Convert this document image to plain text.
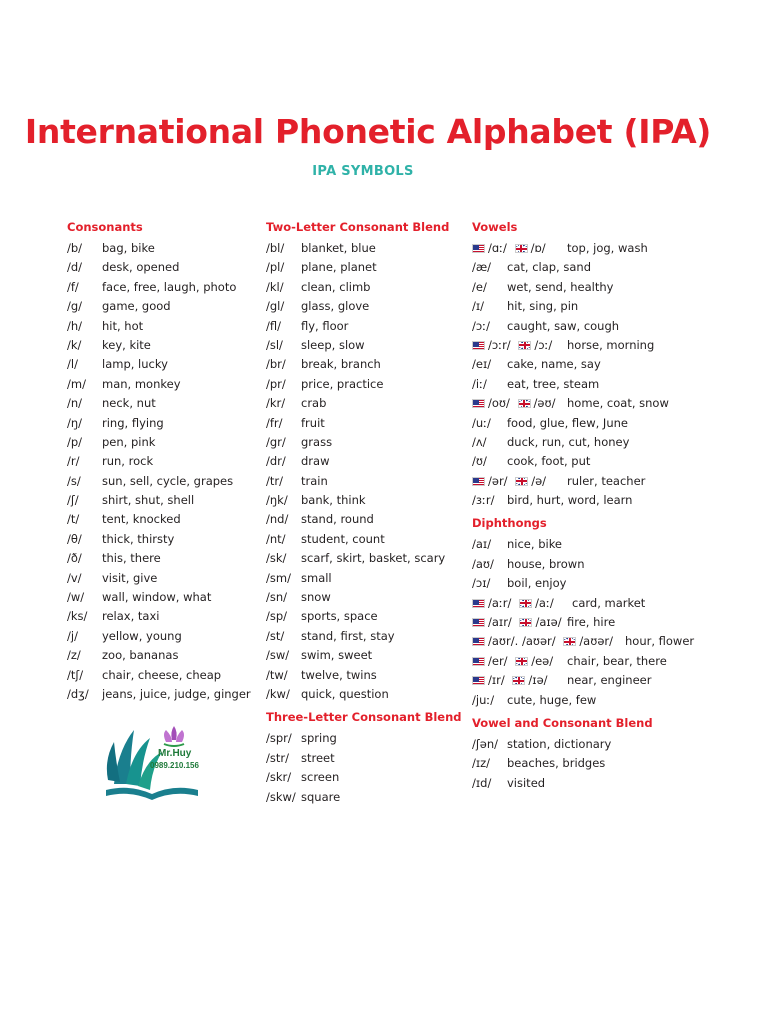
International Phonetic Alphabet (IPA)
IPA SYMBOLS
Consonants
/b/	bag, bike
/d/	desk, opened
/f/	face, free, laugh, photo
/g/	game, good
/h/	hit, hot
/k/	key, kite
/l/	lamp, lucky
/m/	man, monkey
/n/	neck, nut
/ŋ/	ring, flying
/p/	pen, pink
/r/	run, rock
/s/	sun, sell, cycle, grapes
/ʃ/	shirt, shut, shell
/t/	tent, knocked
/θ/	thick, thirsty
/ð/	this, there
/v/	visit, give
/w/	wall, window, what
/ks/	relax, taxi
/j/	yellow, young
/z/	zoo, bananas
/tʃ/	chair, cheese, cheap
/dʒ/	jeans, juice, judge, ginger
Two-Letter Consonant Blend
/bl/	blanket, blue
/pl/	plane, planet
/kl/	clean, climb
/gl/	glass, glove
/fl/	fly, floor
/sl/	sleep, slow
/br/	break, branch
/pr/	price, practice
/kr/	crab
/fr/	fruit
/gr/	grass
/dr/	draw
/tr/	train
/ŋk/	bank, think
/nd/	stand, round
/nt/	student, count
/sk/	scarf, skirt, basket, scary
/sm/ small
/sn/	snow
/sp/	sports, space
/st/	stand, first, stay
/sw/	swim, sweet
/tw/	twelve, twins
/kw/ quick, question
Three-Letter Consonant Blend
/spr/ spring
/str/	street
/skr/ screen
/skw/ square
Vowels
/ɑː/ /ɒ/	top, jog, wash
/æ/	cat, clap, sand
/e/	wet, send, healthy
/ɪ/	hit, sing, pin
/ɔː/	caught, saw, cough
/ɔːr/ /ɔː/	horse, morning
/eɪ/	cake, name, say
/iː/	eat, tree, steam
/oʊ/ /əʊ/	home, coat, snow
/uː/	food, glue, flew, June
/ʌ/	duck, run, cut, honey
/ʊ/	cook, foot, put
/ər/ /ə/	ruler, teacher
/ɜːr/	bird, hurt, word, learn
Diphthongs
/aɪ/	nice, bike
/aʊ/	house, brown
/ɔɪ/	boil, enjoy
/aːr/ /aː/	card, market
/aɪr/ /aɪə/ fire, hire
/aʊr/. /aʊər/ /aʊər/	hour, flower
/er/ /eə/	chair, bear, there
/ɪr/ /ɪə/	near, engineer
/juː/	cute, huge, few
Vowel and Consonant Blend
/ʃən/ station, dictionary
/ɪz/	beaches, bridges
/ɪd/	visited
Mr.Huy
0989.210.156
